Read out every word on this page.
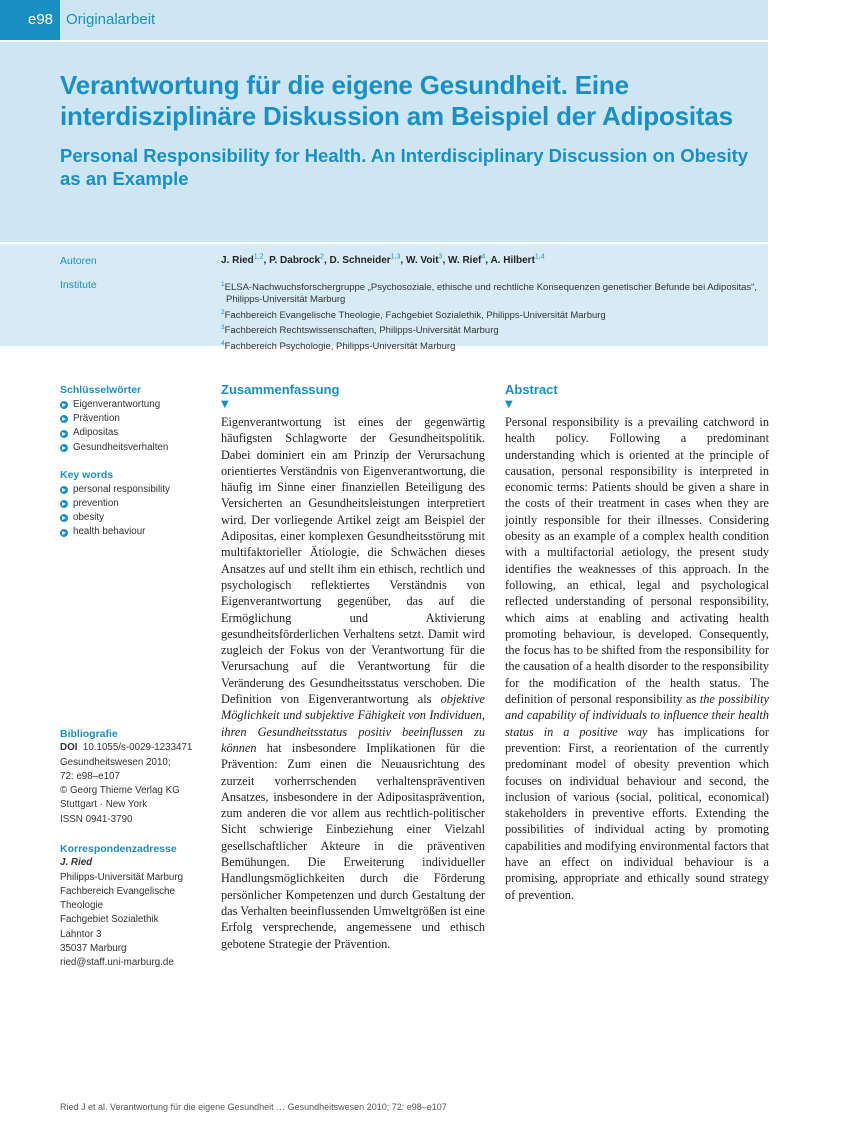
e98 Originalarbeit
Verantwortung für die eigene Gesundheit. Eine interdisziplinäre Diskussion am Beispiel der Adipositas
Personal Responsibility for Health. An Interdisciplinary Discussion on Obesity as an Example
Autoren	J. Ried$^{1,2}$, P. Dabrock$^2$, D. Schneider$^{1,3}$, W. Voit$^3$, W. Rief$^4$, A. Hilbert$^{1,4}$
Institute	$^1$ELSA-Nachwuchsforschergruppe „Psychosoziale, ethische und rechtliche Konsequenzen genetischer Befunde bei Adipositas“, Philipps-Universität Marburg
$^2$Fachbereich Evangelische Theologie, Fachgebiet Sozialethik, Philipps-Universität Marburg
$^3$Fachbereich Rechtswissenschaften, Philipps-Universität Marburg
$^4$Fachbereich Psychologie, Philipps-Universität Marburg
Schlüsselwörter
Eigenverantwortung
Prävention
Adipositas
Gesundheitsverhalten
Key words
personal responsibility
prevention
obesity
health behaviour
Bibliografie
DOI 10.1055/s-0029-1233471
Gesundheitswesen 2010;
72: e98–e107
© Georg Thieme Verlag KG
Stuttgart · New York
ISSN 0941-3790
Korrespondenzadresse
J. Ried
Philipps-Universität Marburg
Fachbereich Evangelische
Theologie
Fachgebiet Sozialethik
Lahntor 3
35037 Marburg
ried@staff.uni-marburg.de
Zusammenfassung
▼

Eigenverantwortung ist eines der gegenwärtig häufigsten Schlagworte der Gesundheitspolitik. Dabei dominiert ein am Prinzip der Verursachung orientiertes Verständnis von Eigenverantwortung, die häufig im Sinne einer finanziellen Beteiligung des Versicherten an Gesundheitsleistungen interpretiert wird. Der vorliegende Artikel zeigt am Beispiel der Adipositas, einer komplexen Gesundheitsstörung mit multifaktorieller Ätiologie, die Schwächen dieses Ansatzes auf und stellt ihm ein ethisch, rechtlich und psychologisch reflektiertes Verständnis von Eigenverantwortung gegenüber, das auf die Ermöglichung und Aktivierung gesundheitsförderlichen Verhaltens setzt. Damit wird zugleich der Fokus von der Verantwortung für die Verursachung auf die Verantwortung für die Veränderung des Gesundheitsstatus verschoben. Die Definition von Eigenverantwortung als objektive Möglichkeit und subjektive Fähigkeit von Individuen, ihren Gesundheitsstatus positiv beeinflussen zu können hat insbesondere Implikationen für die Prävention: Zum einen die Neuausrichtung des zurzeit vorherrschenden verhaltenspräventiven Ansatzes, insbesondere in der Adipositasprävention, zum anderen die vor allem aus rechtlich-politischer Sicht schwierige Einbeziehung einer Vielzahl gesellschaftlicher Akteure in die präventiven Bemühungen. Die Erweiterung individueller Handlungsmöglichkeiten durch die Förderung persönlicher Kompetenzen und durch Gestaltung der das Verhalten beeinflussenden Umweltgrößen ist eine Erfolg versprechende, angemessene und ethisch gebotene Strategie der Prävention.

Abstract
▼

Personal responsibility is a prevailing catchword in health policy. Following a predominant understanding which is oriented at the principle of causation, personal responsibility is interpreted in economic terms: Patients should be given a share in the costs of their treatment in cases when they are jointly responsible for their illnesses. Considering obesity as an example of a complex health condition with a multifactorial aetiology, the present study identifies the weaknesses of this approach. In the following, an ethical, legal and psychological reflected understanding of personal responsibility, which aims at enabling and activating health promoting behaviour, is developed. Consequently, the focus has to be shifted from the responsibility for the causation of a health disorder to the responsibility for the modification of the health status. The definition of personal responsibility as the possibility and capability of individuals to influence their health status in a positive way has implications for prevention: First, a reorientation of the currently predominant model of obesity prevention which focuses on individual behaviour and second, the inclusion of various (social, political, economical) stakeholders in preventive efforts. Extending the possibilities of individual acting by promoting capabilities and modifying environmental factors that have an effect on individual behaviour is a promising, appropriate and ethically sound strategy of prevention.

Ried J et al. Verantwortung für die eigene Gesundheit … Gesundheitswesen 2010; 72: e98–e107
